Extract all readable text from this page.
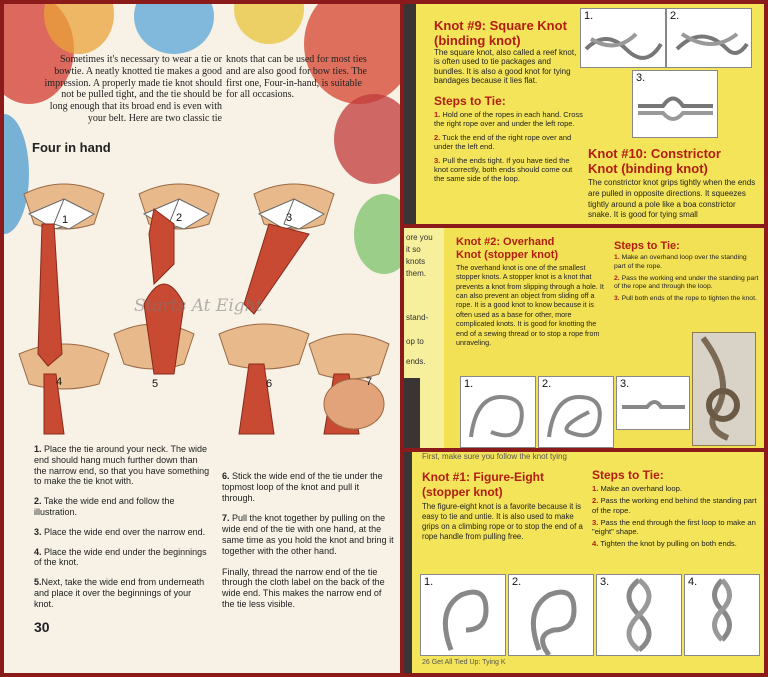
Sometimes it's necessary to wear a tie or bowtie. A neatly knotted tie makes a good impression. A properly made tie knot should not be pulled tight, and the tie should be long enough that its broad end is even with your belt. Here are two classic tie
knots that can be used for most ties and are also good for bow ties. The first one, Four-in-hand, is suitable for all occasions.
Four in hand
1	2	3
4	5	6	7
Starts At Eight
1. Place the tie around your neck. The wide end should hang much further down than the narrow end, so that you have something to make the tie knot with.
2. Take the wide end and follow the illustration.
3. Place the wide end over the narrow end.
4. Place the wide end under the beginnings of the knot.
5.Next, take the wide end from underneath and place it over the beginnings of your knot.
6. Stick the wide end of the tie under the topmost loop of the knot and pull it through.
7. Pull the knot together by pulling on the wide end of the tie with one hand, at the same time as you hold the knot and bring it together with the other hand.
Finally, thread the narrow end of the tie through the cloth label on the back of the wide end. This makes the narrow end of the tie less visible.
30
Knot #9: Square Knot
(binding knot)
The square knot, also called a reef knot, is often used to tie packages and bundles. It is also a good knot for tying bandages because it lies flat.
Steps to Tie:
1. Hold one of the ropes in each hand. Cross the right rope over and under the left rope.
2. Tuck the end of the right rope over and under the left end.
3. Pull the ends tight. If you have tied the knot correctly, both ends should come out the same side of the loop.
1.	2.
3.
Knot #10: Constrictor
Knot (binding knot)
The constrictor knot grips tightly when the ends are pulled in opposite directions. It squeezes tightly around a pole like a boa constrictor snake. It is good for tying small
ore you
it so
knots
them.
stand-
op to
ends.
Knot #2: Overhand
Knot (stopper knot)
The overhand knot is one of the smallest stopper knots. A stopper knot is a knot that prevents a knot from slipping through a hole. It can also prevent an object from sliding off a rope. It is a good knot to know because it is often used as a base for other, more complicated knots. It is good for knotting the end of a sewing thread or to stop a rope from unraveling.
Steps to Tie:
1. Make an overhand loop over the standing part of the rope.
2. Pass the working end under the standing part of the rope and through the loop.
3. Pull both ends of the rope to tighten the knot.
1.	2.	3.
First, make sure you follow the knot tying
Knot #1: Figure-Eight
(stopper knot)
The figure-eight knot is a favorite because it is easy to tie and untie. It is also used to make grips on a climbing rope or to stop the end of a rope handle from pulling free.
Steps to Tie:
1. Make an overhand loop.
2. Pass the working end behind the standing part of the rope.
3. Pass the end through the first loop to make an "eight" shape.
4. Tighten the knot by pulling on both ends.
1.	2.	3.	4.
26 Get All Tied Up: Tying K
